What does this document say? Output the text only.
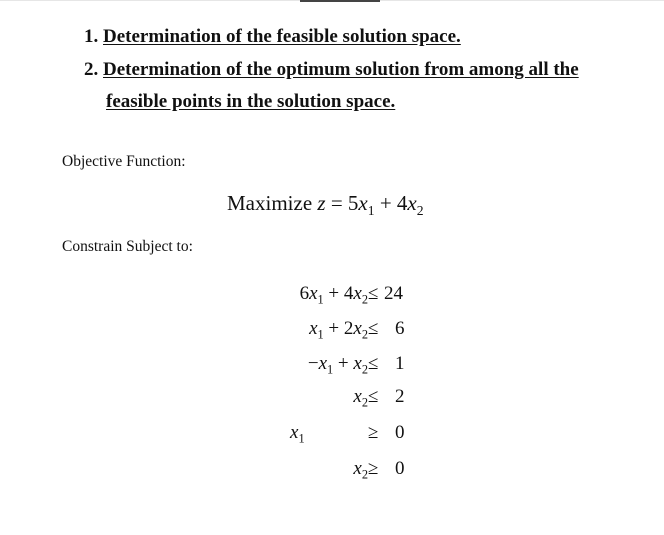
1. Determination of the feasible solution space.
2. Determination of the optimum solution from among all the
feasible points in the solution space.
Objective Function:
Maximize $z = 5x_1 + 4x_2$
Constrain Subject to:
$6x_1 + 4x_2 \le 24$
$x_1 + 2x_2 \le 6$
$-x_1 + x_2 \le 1$
$x_2 \le 2$
$x_1$	≥ 0
$x_2 \ge 0$
